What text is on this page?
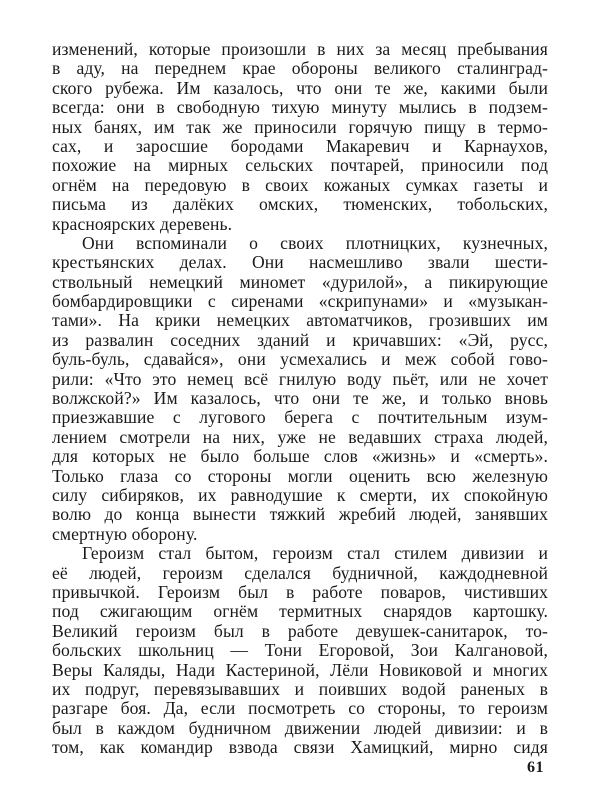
изменений, которые произошли в них за месяц пребывания
в аду, на переднем крае обороны великого сталинград-
ского рубежа. Им казалось, что они те же, какими были
всегда: они в свободную тихую минуту мылись в подзем-
ных банях, им так же приносили горячую пищу в термо-
сах, и заросшие бородами Макаревич и Карнаухов,
похожие на мирных сельских почтарей, приносили под
огнём на передовую в своих кожаных сумках газеты и
письма из далёких омских, тюменских, тобольских,
красноярских деревень.
Они вспоминали о своих плотницких, кузнечных,
крестьянских делах. Они насмешливо звали шести-
ствольный немецкий миномет «дурилой», а пикирующие
бомбардировщики с сиренами «скрипунами» и «музыкан-
тами». На крики немецких автоматчиков, грозивших им
из развалин соседних зданий и кричавших: «Эй, русс,
буль-буль, сдавайся», они усмехались и меж собой гово-
рили: «Что это немец всё гнилую воду пьёт, или не хочет
волжской?» Им казалось, что они те же, и только вновь
приезжавшие с лугового берега с почтительным изум-
лением смотрели на них, уже не ведавших страха людей,
для которых не было больше слов «жизнь» и «смерть».
Только глаза со стороны могли оценить всю железную
силу сибиряков, их равнодушие к смерти, их спокойную
волю до конца вынести тяжкий жребий людей, занявших
смертную оборону.
Героизм стал бытом, героизм стал стилем дивизии и
её людей, героизм сделался будничной, каждодневной
привычкой. Героизм был в работе поваров, чистивших
под сжигающим огнём термитных снарядов картошку.
Великий героизм был в работе девушек-санитарок, то-
больских школьниц — Тони Егоровой, Зои Калгановой,
Веры Каляды, Нади Кастериной, Лёли Новиковой и многих
их подруг, перевязывавших и поивших водой раненых в
разгаре боя. Да, если посмотреть со стороны, то героизм
был в каждом будничном движении людей дивизии: и в
том, как командир взвода связи Хамицкий, мирно сидя
61
